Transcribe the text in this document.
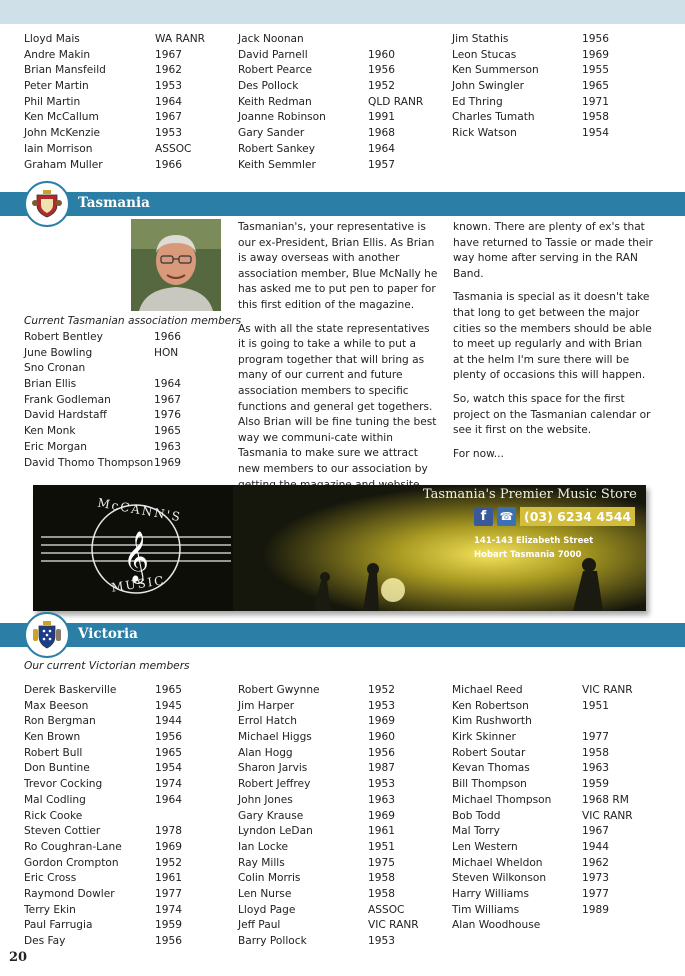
Lloyd Mais	WA RANR
Andre Makin	1967
Brian Mansfeild	1962
Peter Martin	1953
Phil Martin	1964
Ken McCallum	1967
John McKenzie	1953
Iain Morrison	ASSOC
Graham Muller	1966
Jack Noonan
David Parnell	1960
Robert Pearce	1956
Des Pollock	1952
Keith Redman	QLD RANR
Joanne Robinson	1991
Gary Sander	1968
Robert Sankey	1964
Keith Semmler	1957
Jim Stathis	1956
Leon Stucas	1969
Ken Summerson	1955
John Swingler	1965
Ed Thring	1971
Charles Tumath	1958
Rick Watson	1954
Tasmania
Current Tasmanian association members
Robert Bentley	1966
June Bowling	HON
Sno Cronan
Brian Ellis	1964
Frank Godleman	1967
David Hardstaff	1976
Ken Monk	1965
Eric Morgan	1963
David Thomo Thompson 1969

Tasmanian's, your representative is our ex-President, Brian Ellis. As Brian is away overseas with another association member, Blue McNally he has asked me to put pen to paper for this first edition of the magazine.

As with all the state representatives it is going to take a while to put a program together that will bring as many of our current and future association members to specific functions and general get togethers. Also Brian will be fine tuning the best way we communi-cate within Tasmania to make sure we attract new members to our association by

known. There are plenty of ex's that have returned to Tassie or made their way home after serving in the RAN Band.

Tasmania is special as it doesn't take that long to get between the major cities so the members should be able to meet up regularly and with Brian at the helm I'm sure there will be plenty of occasions this will happen.

So, watch this space for the first project on the Tasmanian calendar or see it first on the website.

For now...

𝄞
McCANN'S
MUSIC
Tasmania's Premier Music Store
f	☎ (03) 6234 4544
141-143 Elizabeth Street
Hobart Tasmania 7000
Victoria
Our current Victorian members
Derek Baskerville	1965
Max Beeson	1945
Ron Bergman	1944
Ken Brown	1956
Robert Bull	1965
Don Buntine	1954
Trevor Cocking	1974
Mal Codling	1964
Rick Cooke
Steven Cottier	1978
Ro Coughran-Lane	1969
Gordon Crompton	1952
Eric Cross	1961
Raymond Dowler	1977
Terry Ekin	1974
Paul Farrugia	1959
Des Fay	1956
Robert Gwynne	1952
Jim Harper	1953
Errol Hatch	1969
Michael Higgs	1960
Alan Hogg	1956
Sharon Jarvis	1987
Robert Jeffrey	1953
John Jones	1963
Gary Krause	1969
Lyndon LeDan	1961
Ian Locke	1951
Ray Mills	1975
Colin Morris	1958
Len Nurse	1958
Lloyd Page	ASSOC
Jeff Paul	VIC RANR
Barry Pollock	1953
Michael Reed	VIC RANR
Ken Robertson	1951
Kim Rushworth
Kirk Skinner	1977
Robert Soutar	1958
Kevan Thomas	1963
Bill Thompson	1959
Michael Thompson	1968 RM
Bob Todd	VIC RANR
Mal Torry	1967
Len Western	1944
Michael Wheldon	1962
Steven Wilkonson	1973
Harry Williams	1977
Tim Williams	1989
Alan Woodhouse
20
